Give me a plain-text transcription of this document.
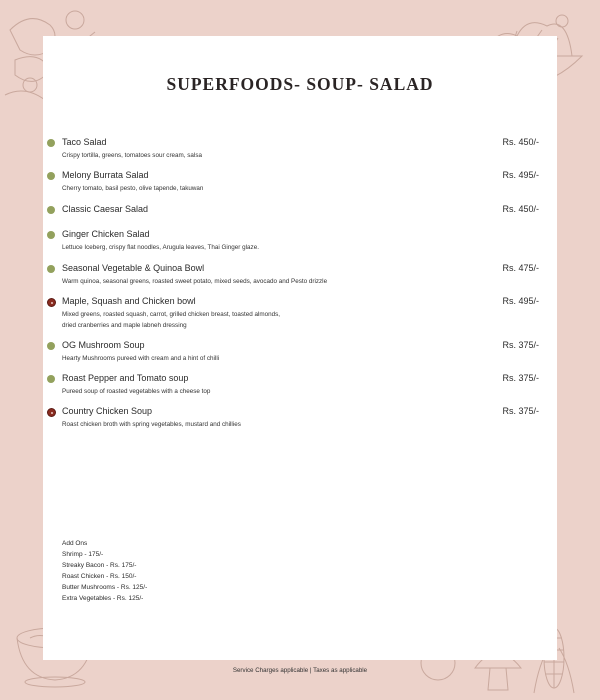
SUPERFOODS- SOUP- SALAD
Taco Salad
Crispy tortilla, greens, tomatoes sour cream, salsa
Rs. 450/-
Melony Burrata Salad
Cherry tomato, basil pesto, olive tapende, takuwan
Rs. 495/-
Classic Caesar Salad	Rs. 450/-
Ginger Chicken Salad
Lettuce Iceberg, crispy flat noodles, Arugula leaves, Thai Ginger glaze.
Seasonal Vegetable & Quinoa Bowl
Warm quinoa, seasonal greens, roasted sweet potato, mixed seeds, avocado and Pesto drizzle
Rs. 475/-
Maple, Squash and Chicken bowl
Mixed greens, roasted squash, carrot, grilled chicken breast, toasted almonds,
dried cranberries and maple labneh dressing
Rs. 495/-
OG Mushroom Soup
Hearty Mushrooms pureed with cream and a hint of chilli
Rs. 375/-
Roast Pepper and Tomato soup
Pureed soup of roasted vegetables with a cheese top
Rs. 375/-
Country Chicken Soup
Roast chicken broth with spring vegetables, mustard and chillies
Rs. 375/-
Add Ons
Shrimp - 175/-
Streaky Bacon - Rs. 175/-
Roast Chicken - Rs. 150/-
Butter Mushrooms - Rs. 125/-
Extra Vegetables - Rs. 125/-
Service Charges applicable | Taxes as applicable
